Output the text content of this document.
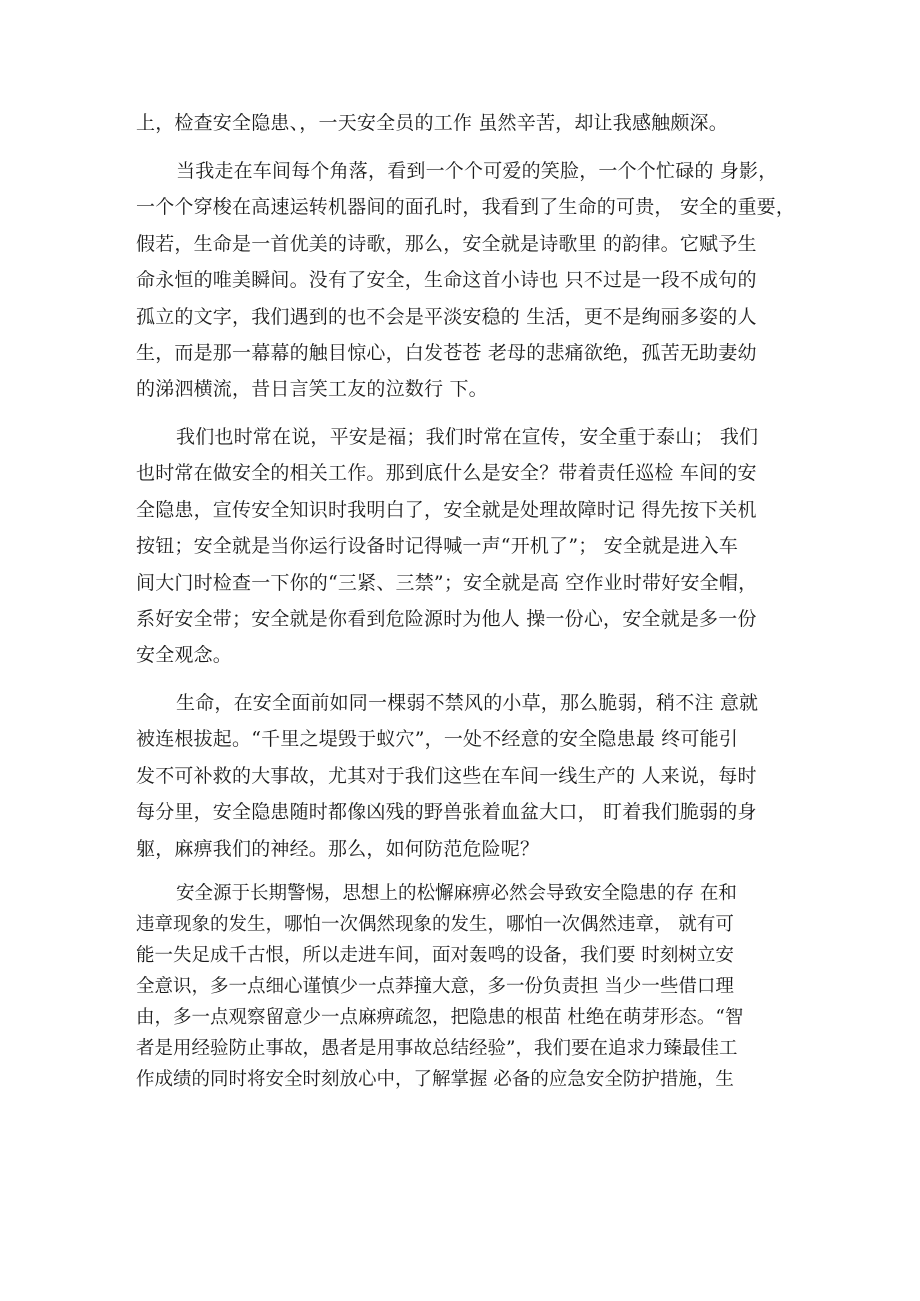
上，检查安全隐患、，一天安全员的工作 虽然辛苦，却让我感触颇深。
当我走在车间每个角落，看到一个个可爱的笑脸，一个个忙碌的 身影，
一个个穿梭在高速运转机器间的面孔时，我看到了生命的可贵， 安全的重要，
假若，生命是一首优美的诗歌，那么，安全就是诗歌里 的韵律。它赋予生
命永恒的唯美瞬间。没有了安全，生命这首小诗也 只不过是一段不成句的
孤立的文字，我们遇到的也不会是平淡安稳的 生活，更不是绚丽多姿的人
生，而是那一幕幕的触目惊心，白发苍苍 老母的悲痛欲绝，孤苦无助妻幼
的涕泗横流，昔日言笑工友的泣数行 下。
我们也时常在说，平安是福；我们时常在宣传，安全重于泰山； 我们
也时常在做安全的相关工作。那到底什么是安全？带着责任巡检 车间的安
全隐患，宣传安全知识时我明白了，安全就是处理故障时记 得先按下关机
按钮；安全就是当你运行设备时记得喊一声“开机了”； 安全就是进入车
间大门时检查一下你的“三紧、三禁”；安全就是高 空作业时带好安全帽，
系好安全带；安全就是你看到危险源时为他人 操一份心，安全就是多一份
安全观念。
生命，在安全面前如同一棵弱不禁风的小草，那么脆弱，稍不注 意就
被连根拔起。“千里之堤毁于蚁穴”，一处不经意的安全隐患最 终可能引
发不可补救的大事故，尤其对于我们这些在车间一线生产的 人来说，每时
每分里，安全隐患随时都像凶残的野兽张着血盆大口， 盯着我们脆弱的身
躯，麻痹我们的神经。那么，如何防范危险呢？
安全源于长期警惕，思想上的松懈麻痹必然会导致安全隐患的存 在和
违章现象的发生，哪怕一次偶然现象的发生，哪怕一次偶然违章， 就有可
能一失足成千古恨，所以走进车间，面对轰鸣的设备，我们要 时刻树立安
全意识，多一点细心谨慎少一点莽撞大意，多一份负责担 当少一些借口理
由，多一点观察留意少一点麻痹疏忽，把隐患的根苗 杜绝在萌芽形态。“智
者是用经验防止事故，愚者是用事故总结经验”，我们要在追求力臻最佳工
作成绩的同时将安全时刻放心中，了解掌握 必备的应急安全防护措施，生
